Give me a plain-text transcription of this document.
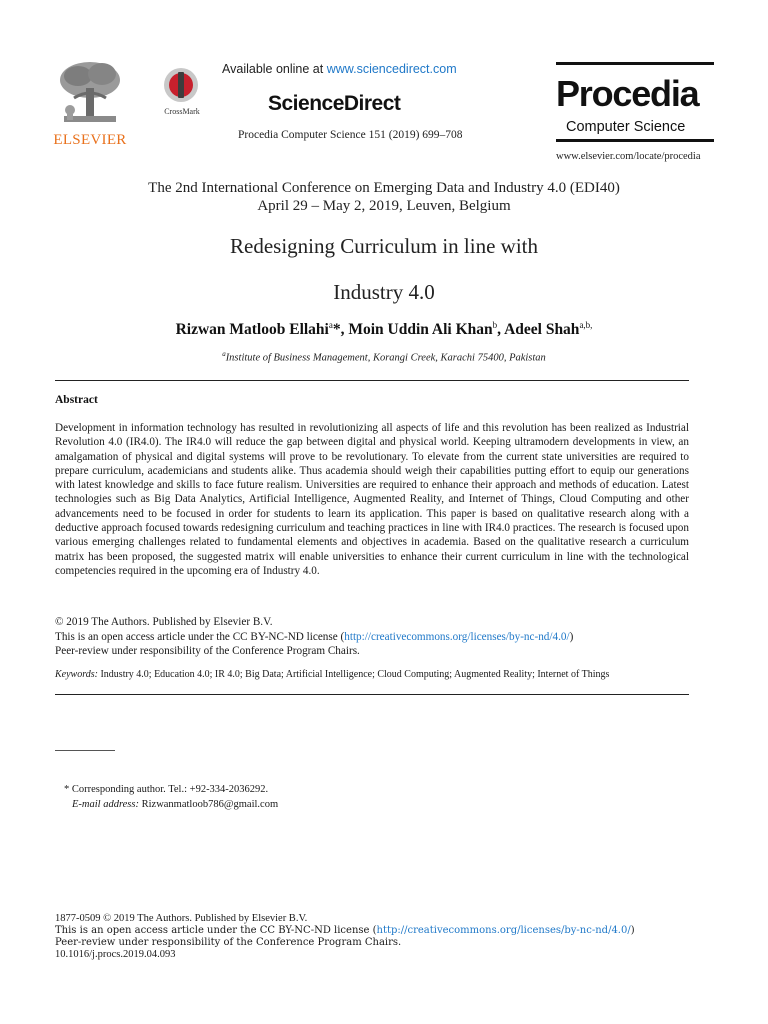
ELSEVIER
CrossMark
Available online at www.sciencedirect.com
ScienceDirect
Procedia Computer Science 151 (2019) 699–708
Procedia
Computer Science
www.elsevier.com/locate/procedia
The 2nd International Conference on Emerging Data and Industry 4.0 (EDI40)
April 29 – May 2, 2019, Leuven, Belgium
Redesigning Curriculum in line with
Industry 4.0
Rizwan Matloob Ellahi$^a$*, Moin Uddin Ali Khan$^b$, Adeel Shah$^{a,b,}$
$^a$Institute of Business Management, Korangi Creek, Karachi 75400, Pakistan
Abstract
Development in information technology has resulted in revolutionizing all aspects of life and this revolution has been realized as Industrial Revolution 4.0 (IR4.0). The IR4.0 will reduce the gap between digital and physical world. Keeping ultramodern developments in view, an amalgamation of physical and digital systems will prove to be revolutionary. To elevate from the current state universities are required to prepare curriculum, academicians and students alike. Thus academia should weigh their capabilities putting effort to equip our generations with latest knowledge and skills to face future realism. Universities are required to enhance their approach and methods of education. Latest technologies such as Big Data Analytics, Artificial Intelligence, Augmented Reality, and Internet of Things, Cloud Computing and other advancements need to be focused in order for students to learn its application. This paper is based on qualitative research along with a deductive approach focused towards redesigning curriculum and teaching practices in line with IR4.0 practices. The research is focused upon various emerging challenges related to fundamental elements and objectives in academia. Based on the qualitative research a curriculum matrix has been proposed, the suggested matrix will enable universities to enhance their current curriculum in line with the technological competencies required in the upcoming era of Industry 4.0.
© 2019 The Authors. Published by Elsevier B.V.
This is an open access article under the CC BY-NC-ND license (http://creativecommons.org/licenses/by-nc-nd/4.0/)
Peer-review under responsibility of the Conference Program Chairs.
Keywords: Industry 4.0; Education 4.0; IR 4.0; Big Data; Artificial Intelligence; Cloud Computing; Augmented Reality; Internet of Things
* Corresponding author. Tel.: +92-334-2036292.
E-mail address: Rizwanmatloob786@gmail.com
1877-0509 © 2019 The Authors. Published by Elsevier B.V.
This is an open access article under the CC BY-NC-ND license (http://creativecommons.org/licenses/by-nc-nd/4.0/)
Peer-review under responsibility of the Conference Program Chairs.
10.1016/j.procs.2019.04.093
